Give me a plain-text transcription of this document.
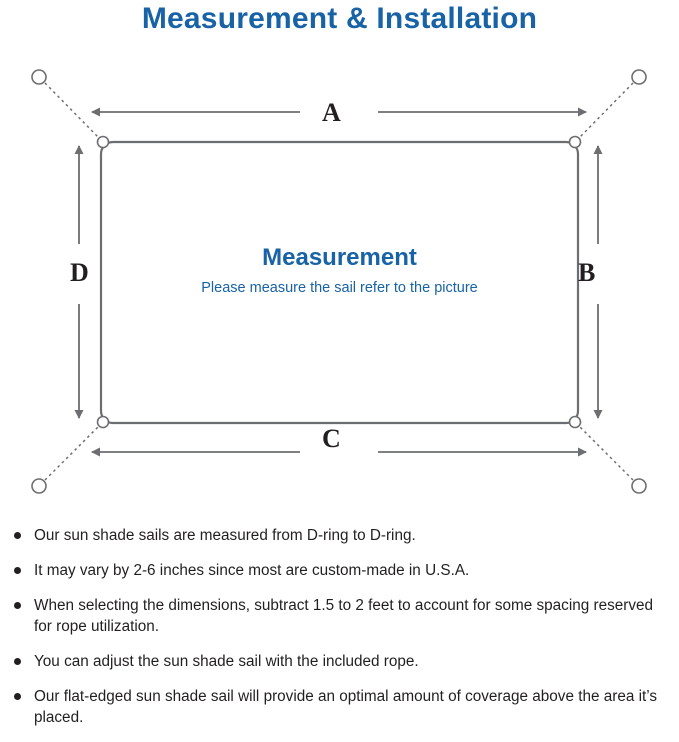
Measurement & Installation
Measurement
Please measure the sail refer to the picture
A
B
C
D
Our sun shade sails are measured from D-ring to D-ring.
It may vary by 2-6 inches since most are custom-made in U.S.A.
When selecting the dimensions, subtract 1.5 to 2 feet to account for some spacing reserved for rope utilization.
You can adjust the sun shade sail with the included rope.
Our flat-edged sun shade sail will provide an optimal amount of coverage above the area it’s placed.
